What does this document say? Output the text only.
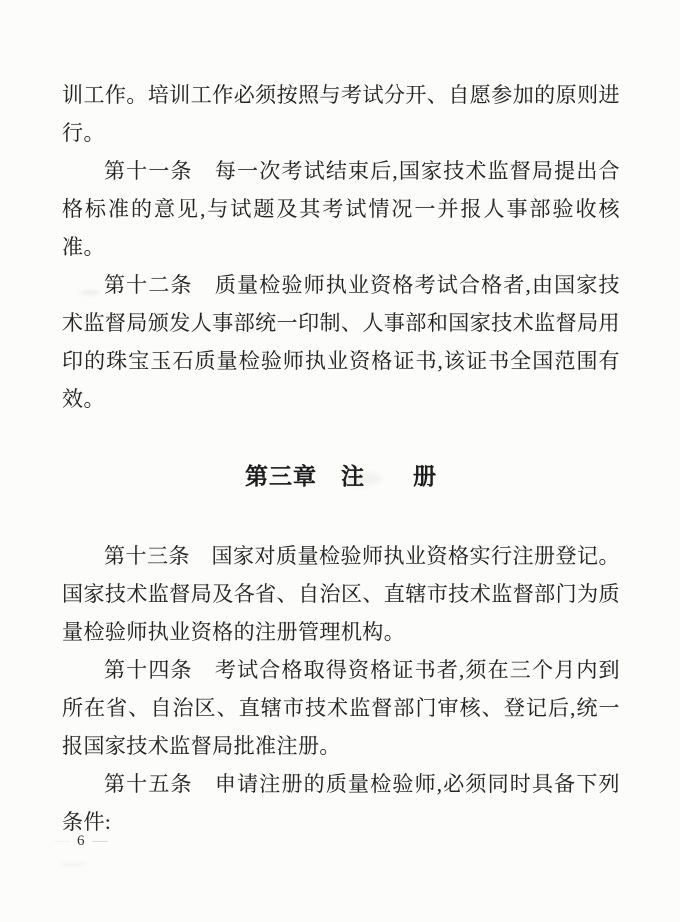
训工作。培训工作必须按照与考试分开、自愿参加的原则进行。

第十一条　每一次考试结束后,国家技术监督局提出合格标准的意见,与试题及其考试情况一并报人事部验收核准。

第十二条　质量检验师执业资格考试合格者,由国家技术监督局颁发人事部统一印制、人事部和国家技术监督局用印的珠宝玉石质量检验师执业资格证书,该证书全国范围有效。

第三章　注　　册

第十三条　国家对质量检验师执业资格实行注册登记。国家技术监督局及各省、自治区、直辖市技术监督部门为质量检验师执业资格的注册管理机构。

第十四条　考试合格取得资格证书者,须在三个月内到所在省、自治区、直辖市技术监督部门审核、登记后,统一报国家技术监督局批准注册。

第十五条　申请注册的质量检验师,必须同时具备下列条件:

— 6 —
